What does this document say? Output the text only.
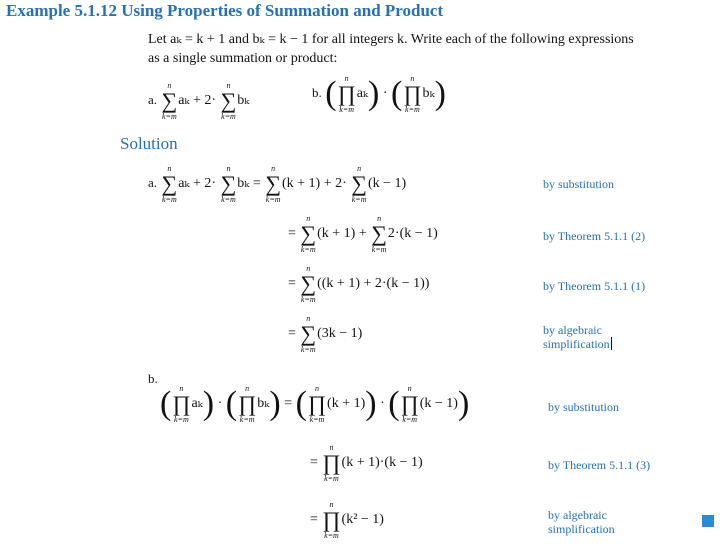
Example 5.1.12 Using Properties of Summation and Product
Let aₖ = k + 1 and bₖ = k − 1 for all integers k. Write each of the following expressions
as a single summation or product:
a.
n
∑
k=m
aₖ + 2·
n
∑
k=m
bₖ
b. (	n
∏
k=m
aₖ) · (	n
∏
k=m
bₖ)
Solution
a.
n
∑
k=m
aₖ + 2·
n
∑
k=m
bₖ =
n
∑
k=m
(k + 1) + 2·
n
∑
k=m
(k − 1)	by substitution
=
n
∑
k=m
(k + 1) +
n
∑
k=m
2·(k − 1)	by Theorem 5.1.1 (2)
=
n
∑
k=m
((k + 1) + 2·(k − 1))	by Theorem 5.1.1 (1)
=
n
∑
k=m
(3k − 1)	by algebraic
simplification
b.
(	n
∏
k=m
aₖ) · (	n
∏
k=m
bₖ) = (	n
∏
k=m
(k + 1)) · (	n
∏
k=m
(k − 1))	by substitution
=
n
∏
k=m
(k + 1)·(k − 1)	by Theorem 5.1.1 (3)
=
n
∏
k=m
(k² − 1)	by algebraic
simplification
